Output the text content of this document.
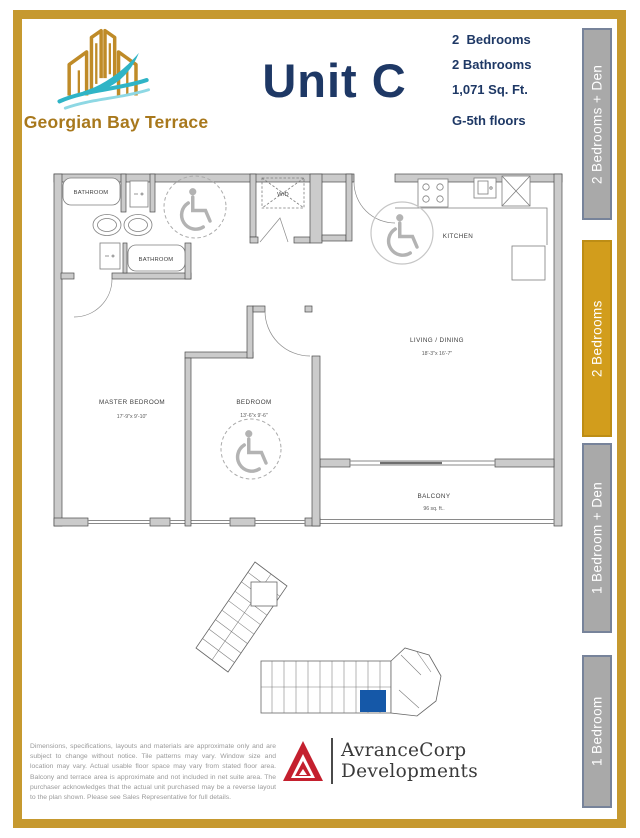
Georgian Bay Terrace
Unit C
2  Bedrooms
2 Bathrooms
1,071 Sq. Ft.
G-5th floors	2 Bedrooms + Den
2 Bedrooms
1 Bedroom + Den
1 Bedroom
BATHROOM
BATHROOM
W/D
KITCHEN
LIVING / DINING
18'-3"x 16'-7"
MASTER BEDROOM
17'-9"x 9'-10"
BEDROOM
13'-6"x 9'-6"
BALCONY
96 sq. ft..
Dimensions, specifications, layouts and materials are approximate only and are subject to change without notice. Tile patterns may vary. Window size and location may vary. Actual usable floor space may vary from stated floor area. Balcony and terrace area is approximate and not included in net suite area. The purchaser acknowledges that the actual unit purchased may be a reverse layout to the plan shown. Please see Sales Representative for full details.
AvranceCorp
Developments
